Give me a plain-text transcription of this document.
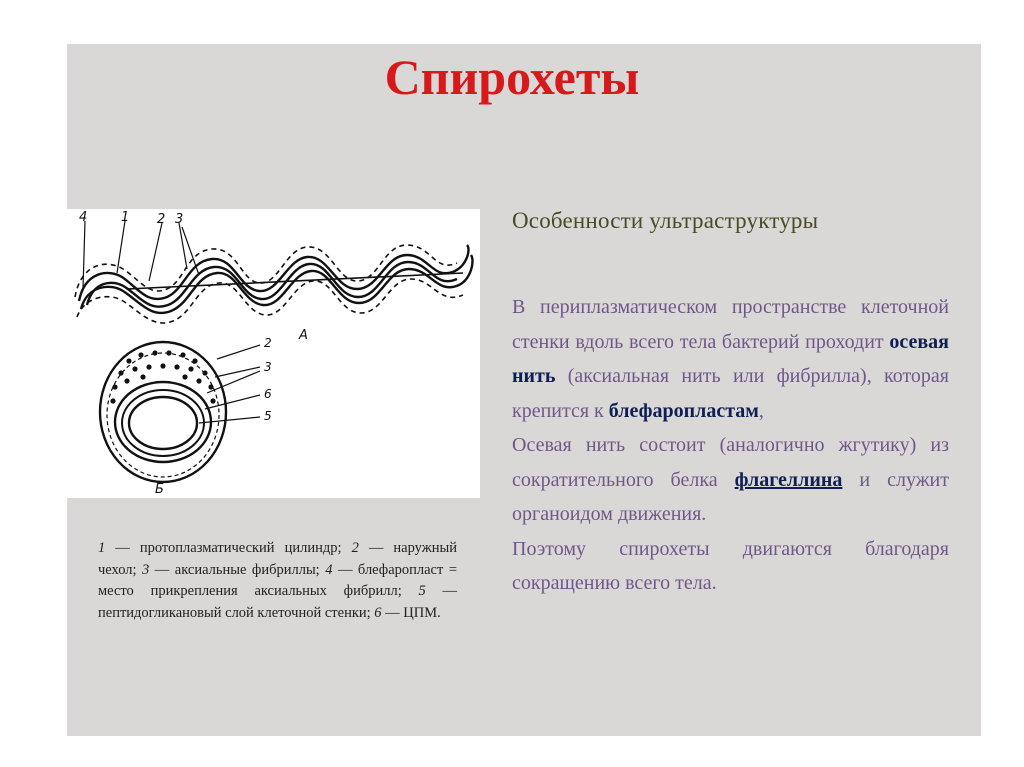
Спирохеты
4	1 2 3
А
Б
2
3
6
5
Особенности ультраструктуры

В периплазматическом пространстве клеточной стенки вдоль всего тела бактерий проходит осевая нить (аксиальная нить или фибрилла), которая крепится к блефаропластам,

Осевая нить состоит (аналогично жгутику) из сократительного белка флагеллина и служит органоидом движения.

Поэтому спирохеты двигаются благодаря сокращению всего тела.

1 — протоплазматический цилиндр; 2 — наружный чехол; 3 — аксиальные фибриллы; 4 — блефаропласт = место прикрепления аксиальных фибрилл; 5 — пептидогликановый слой клеточной стенки; 6 — ЦПМ.
